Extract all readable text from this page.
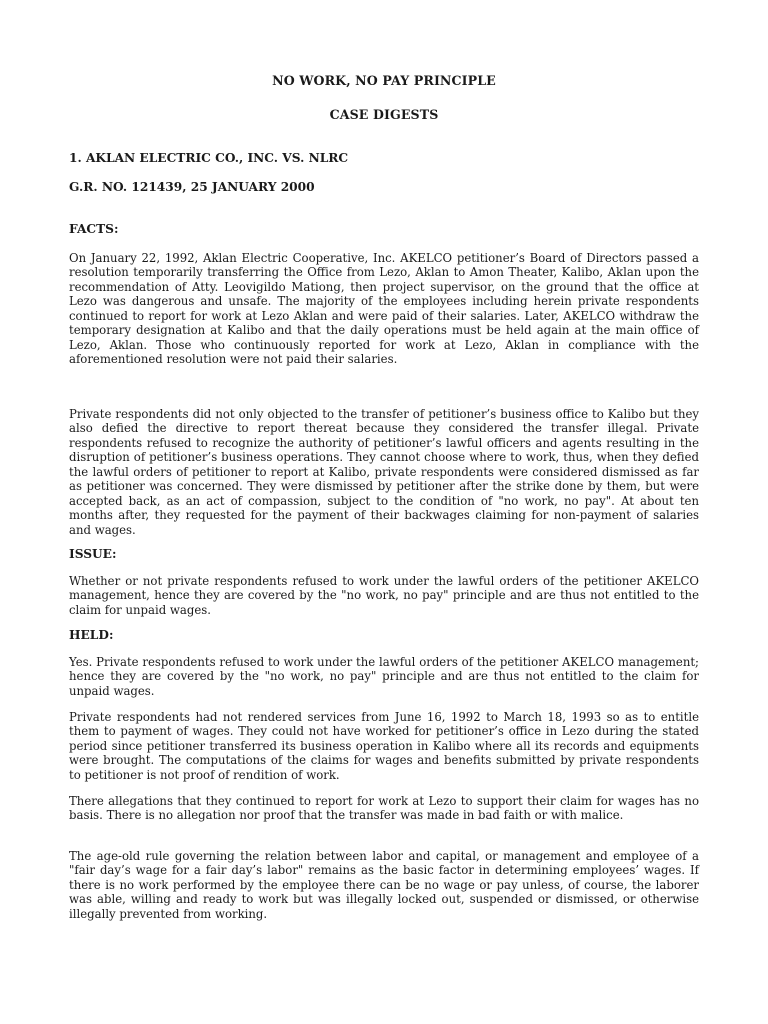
NO WORK, NO PAY PRINCIPLE
CASE DIGESTS
1. AKLAN ELECTRIC CO., INC. VS. NLRC
G.R. NO. 121439, 25 JANUARY 2000
FACTS:
On January 22, 1992, Aklan Electric Cooperative, Inc. AKELCO petitioner’s Board of Directors passed a resolution temporarily transferring the Office from Lezo, Aklan to Amon Theater, Kalibo, Aklan upon the recommendation of Atty. Leovigildo Mationg, then project supervisor, on the ground that the office at Lezo was dangerous and unsafe. The majority of the employees including herein private respondents continued to report for work at Lezo Aklan and were paid of their salaries. Later, AKELCO withdraw the temporary designation at Kalibo and that the daily operations must be held again at the main office of Lezo, Aklan. Those who continuously reported for work at Lezo, Aklan in compliance with the aforementioned resolution were not paid their salaries.
Private respondents did not only objected to the transfer of petitioner’s business office to Kalibo but they also defied the directive to report thereat because they considered the transfer illegal. Private respondents refused to recognize the authority of petitioner’s lawful officers and agents resulting in the disruption of petitioner’s business operations. They cannot choose where to work, thus, when they defied the lawful orders of petitioner to report at Kalibo, private respondents were considered dismissed as far as petitioner was concerned. They were dismissed by petitioner after the strike done by them, but were accepted back, as an act of compassion, subject to the condition of "no work, no pay". At about ten months after, they requested for the payment of their backwages claiming for non-payment of salaries and wages.
ISSUE:
Whether or not private respondents refused to work under the lawful orders of the petitioner AKELCO management, hence they are covered by the "no work, no pay" principle and are thus not entitled to the claim for unpaid wages.
HELD:
Yes. Private respondents refused to work under the lawful orders of the petitioner AKELCO management; hence they are covered by the "no work, no pay" principle and are thus not entitled to the claim for unpaid wages.
Private respondents had not rendered services from June 16, 1992 to March 18, 1993 so as to entitle them to payment of wages. They could not have worked for petitioner’s office in Lezo during the stated period since petitioner transferred its business operation in Kalibo where all its records and equipments were brought. The computations of the claims for wages and benefits submitted by private respondents to petitioner is not proof of rendition of work.
There allegations that they continued to report for work at Lezo to support their claim for wages has no basis. There is no allegation nor proof that the transfer was made in bad faith or with malice.
The age-old rule governing the relation between labor and capital, or management and employee of a "fair day’s wage for a fair day’s labor" remains as the basic factor in determining employees’ wages. If there is no work performed by the employee there can be no wage or pay unless, of course, the laborer was able, willing and ready to work but was illegally locked out, suspended or dismissed, or otherwise illegally prevented from working.
